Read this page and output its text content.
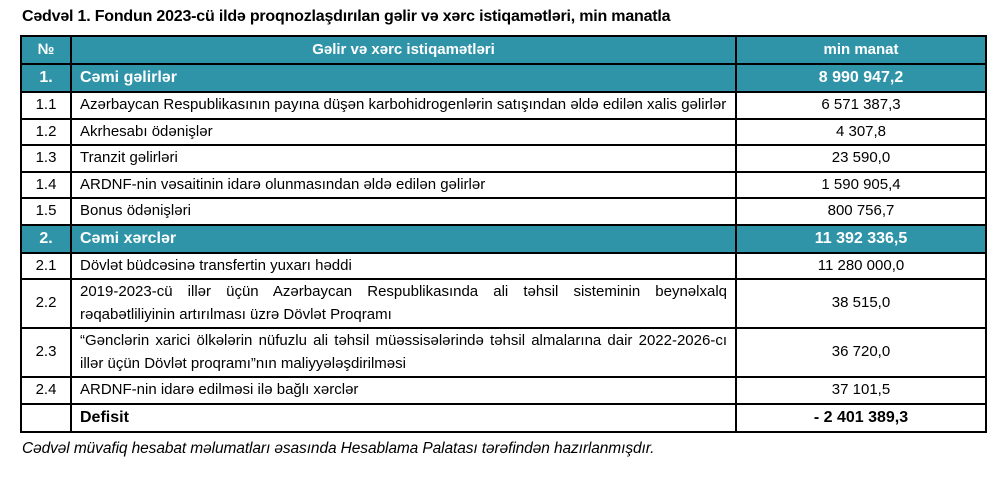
Cədvəl 1. Fondun 2023-cü ildə proqnozlaşdırılan gəlir və xərc istiqamətləri, min manatla
№	Gəlir və xərc istiqamətləri	min manat
1.	Cəmi gəlirlər	8 990 947,2
1.1	Azərbaycan Respublikasının payına düşən karbohidrogenlərin satışından əldə edilən xalis gəlirlər	6 571 387,3
1.2	Akrhesabı ödənişlər	4 307,8
1.3	Tranzit gəlirləri	23 590,0
1.4	ARDNF-nin vəsaitinin idarə olunmasından əldə edilən gəlirlər	1 590 905,4
1.5	Bonus ödənişləri	800 756,7
2.	Cəmi xərclər	11 392 336,5
2.1	Dövlət büdcəsinə transfertin yuxarı həddi	11 280 000,0
2.2	2019-2023-cü illər üçün Azərbaycan Respublikasında ali təhsil sisteminin beynəlxalq rəqabətliliyinin artırılması üzrə Dövlət Proqramı	38 515,0
2.3	“Gənclərin xarici ölkələrin nüfuzlu ali təhsil müəssisələrində təhsil almalarına dair 2022-2026-cı illər üçün Dövlət proqramı”nın maliyyələşdirilməsi	36 720,0
2.4	ARDNF-nin idarə edilməsi ilə bağlı xərclər	37 101,5
	Defisit	- 2 401 389,3
Cədvəl müvafiq hesabat məlumatları əsasında Hesablama Palatası tərəfindən hazırlanmışdır.
